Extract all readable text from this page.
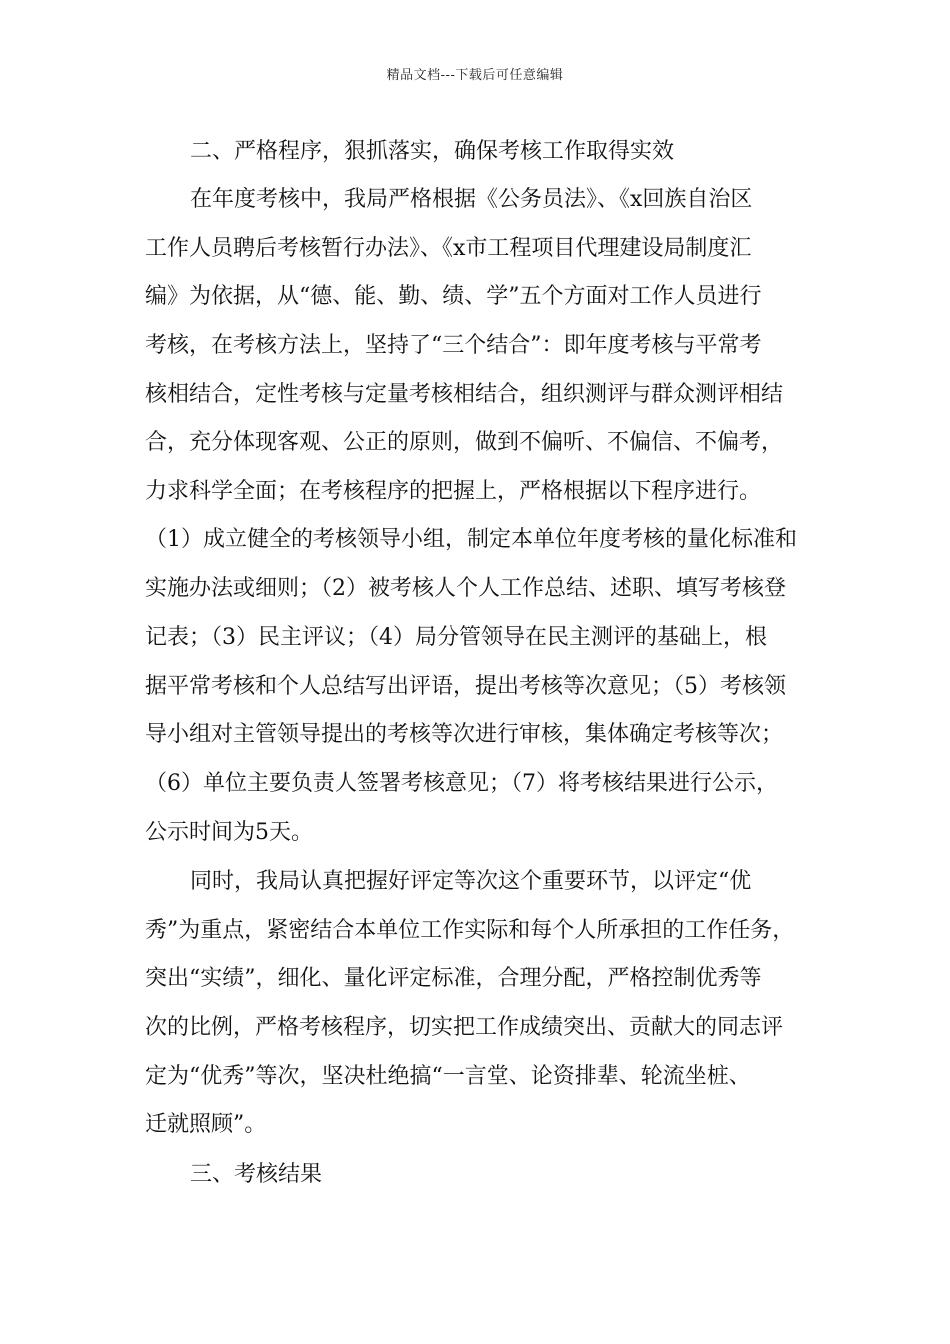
精品文档---下载后可任意编辑

二、严格程序，狠抓落实，确保考核工作取得实效

在年度考核中，我局严格根据《公务员法》、《x回族自治区

工作人员聘后考核暂行办法》、《x市工程项目代理建设局制度汇

编》为依据，从“德、能、勤、绩、学”五个方面对工作人员进行

考核，在考核方法上，坚持了“三个结合”：即年度考核与平常考

核相结合，定性考核与定量考核相结合，组织测评与群众测评相结

合，充分体现客观、公正的原则，做到不偏听、不偏信、不偏考，

力求科学全面；在考核程序的把握上，严格根据以下程序进行。

（1）成立健全的考核领导小组，制定本单位年度考核的量化标准和

实施办法或细则；（2）被考核人个人工作总结、述职、填写考核登

记表；（3）民主评议；（4）局分管领导在民主测评的基础上，根

据平常考核和个人总结写出评语，提出考核等次意见；（5）考核领

导小组对主管领导提出的考核等次进行审核，集体确定考核等次；

（6）单位主要负责人签署考核意见；（7）将考核结果进行公示，

公示时间为5天。

同时，我局认真把握好评定等次这个重要环节，以评定“优

秀”为重点，紧密结合本单位工作实际和每个人所承担的工作任务，

突出“实绩”，细化、量化评定标准，合理分配，严格控制优秀等

次的比例，严格考核程序，切实把工作成绩突出、贡献大的同志评

定为“优秀”等次，坚决杜绝搞“一言堂、论资排辈、轮流坐桩、

迁就照顾”。

三、考核结果
